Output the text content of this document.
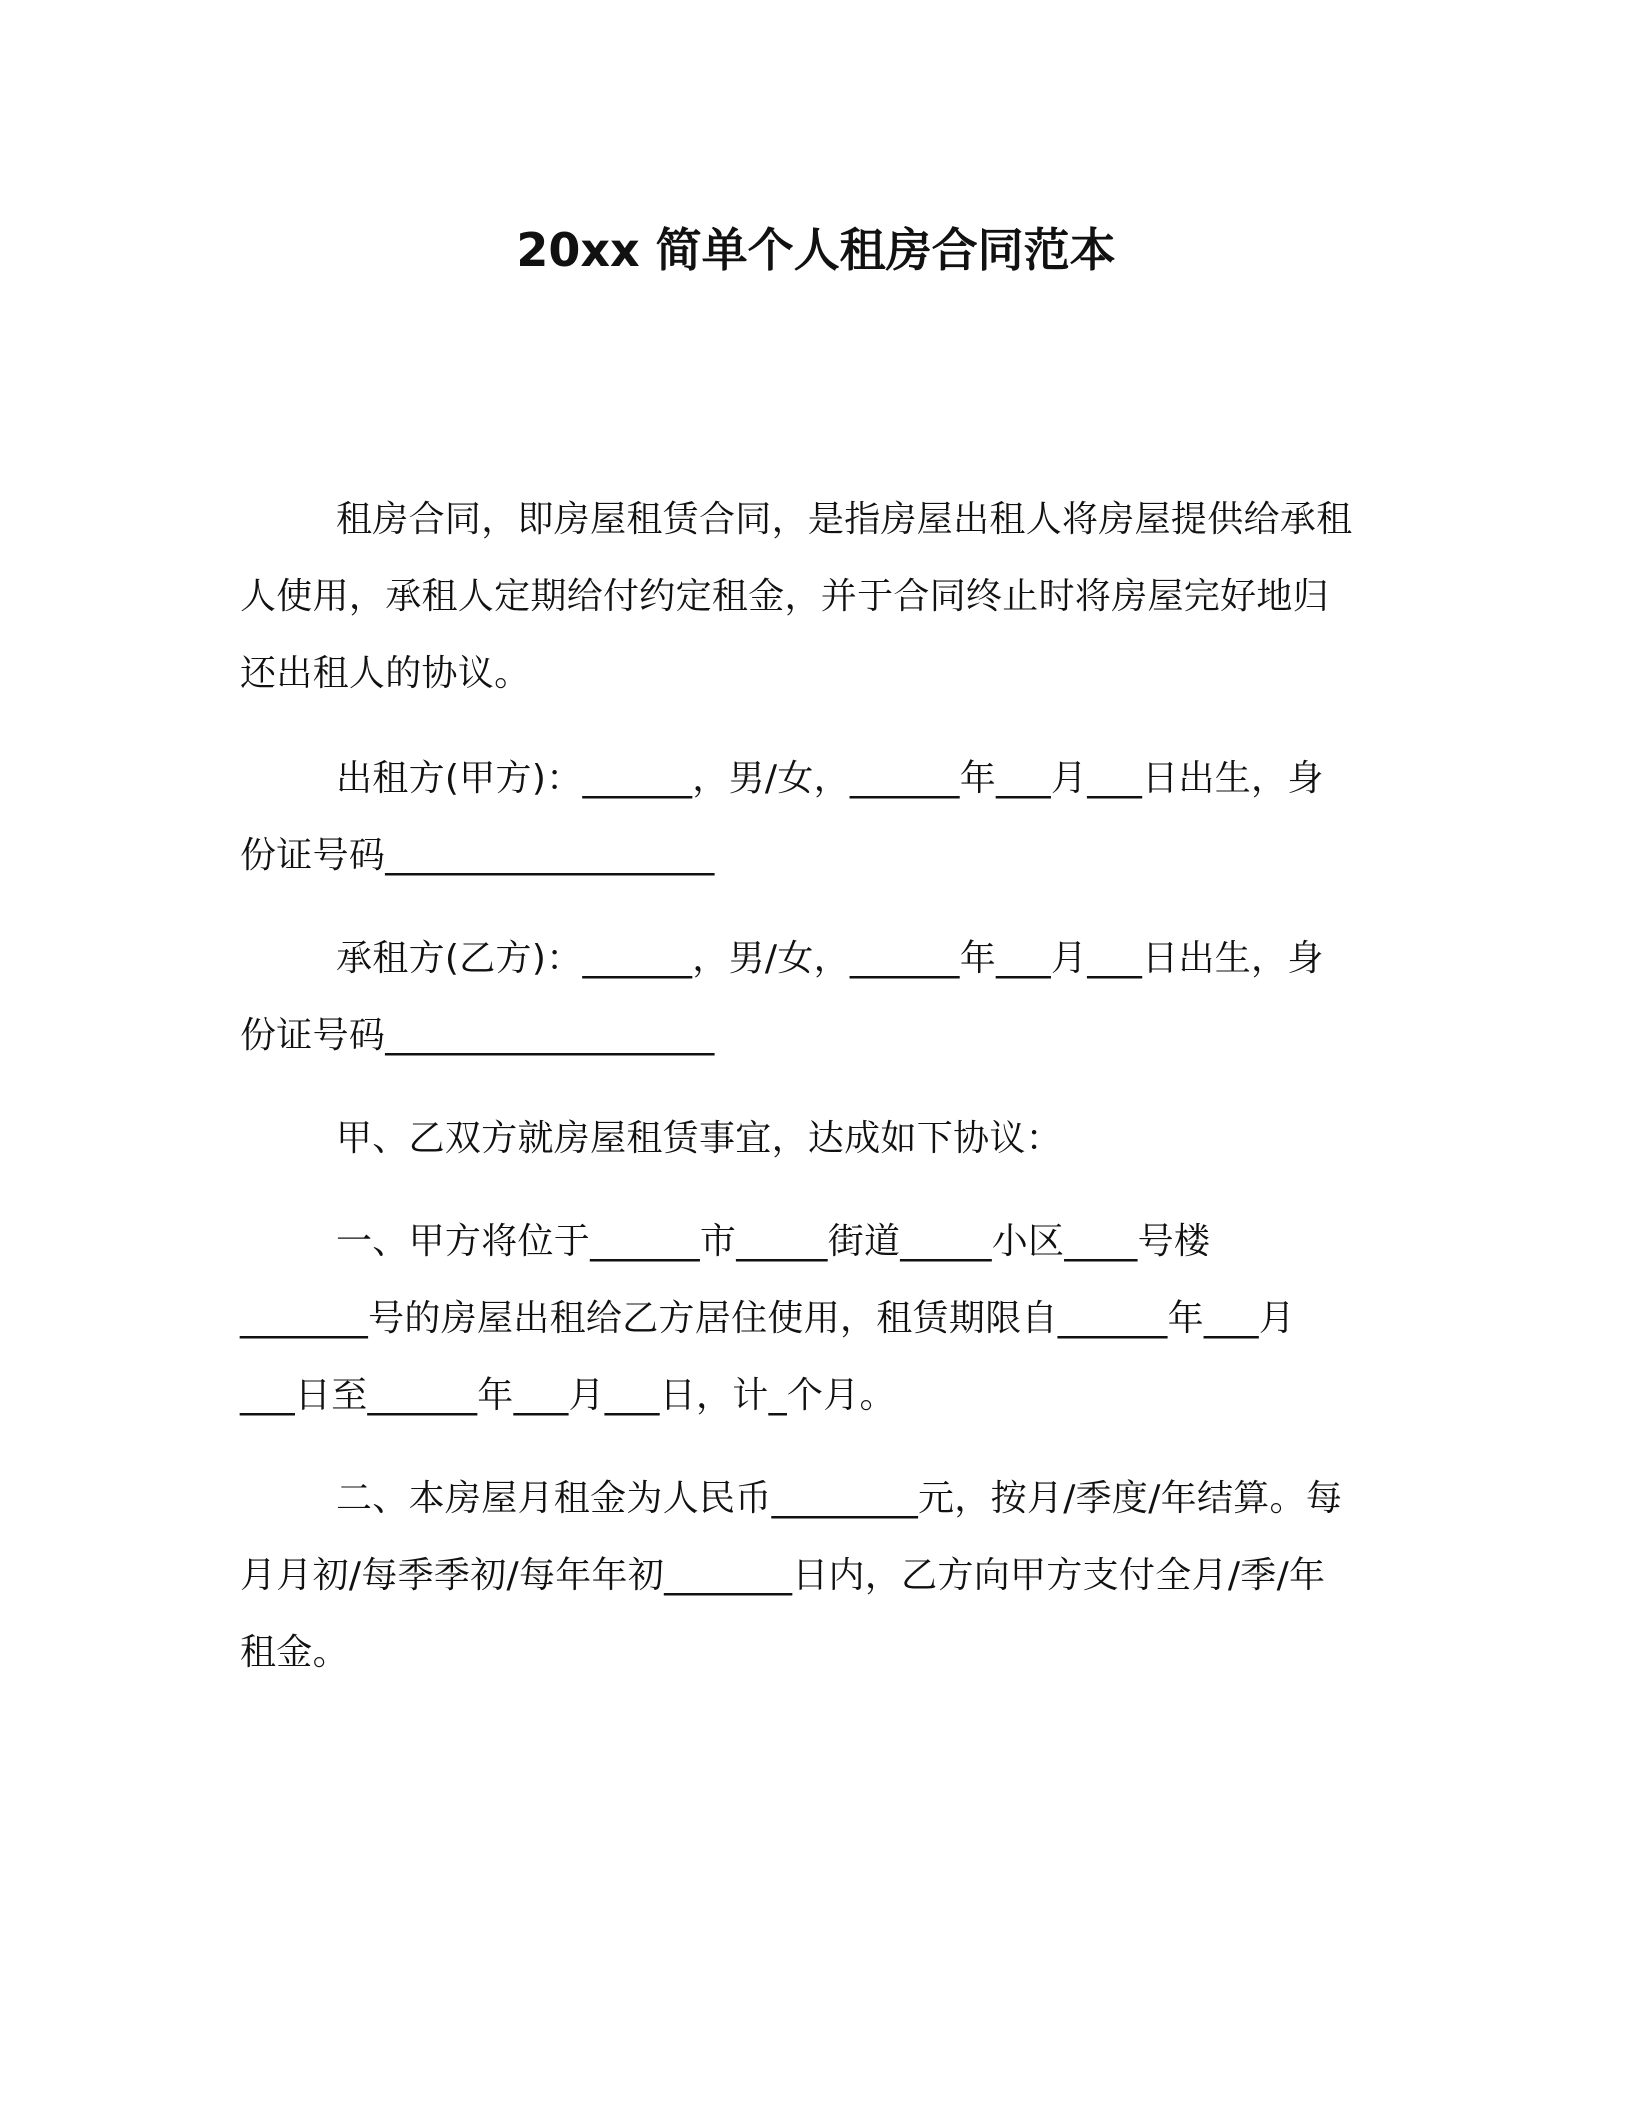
20xx 简单个人租房合同范本
租房合同，即房屋租赁合同，是指房屋出租人将房屋提供给承租
人使用，承租人定期给付约定租金，并于合同终止时将房屋完好地归
还出租人的协议。
出租方(甲方)：______，男/女，______年___月___日出生，身
份证号码__________________
承租方(乙方)：______，男/女，______年___月___日出生，身
份证号码__________________
甲、乙双方就房屋租赁事宜，达成如下协议：
一、甲方将位于______市_____街道_____小区____号楼
_______号的房屋出租给乙方居住使用，租赁期限自______年___月
___日至______年___月___日，计_个月。
二、本房屋月租金为人民币________元，按月/季度/年结算。每
月月初/每季季初/每年年初_______日内，乙方向甲方支付全月/季/年
租金。
